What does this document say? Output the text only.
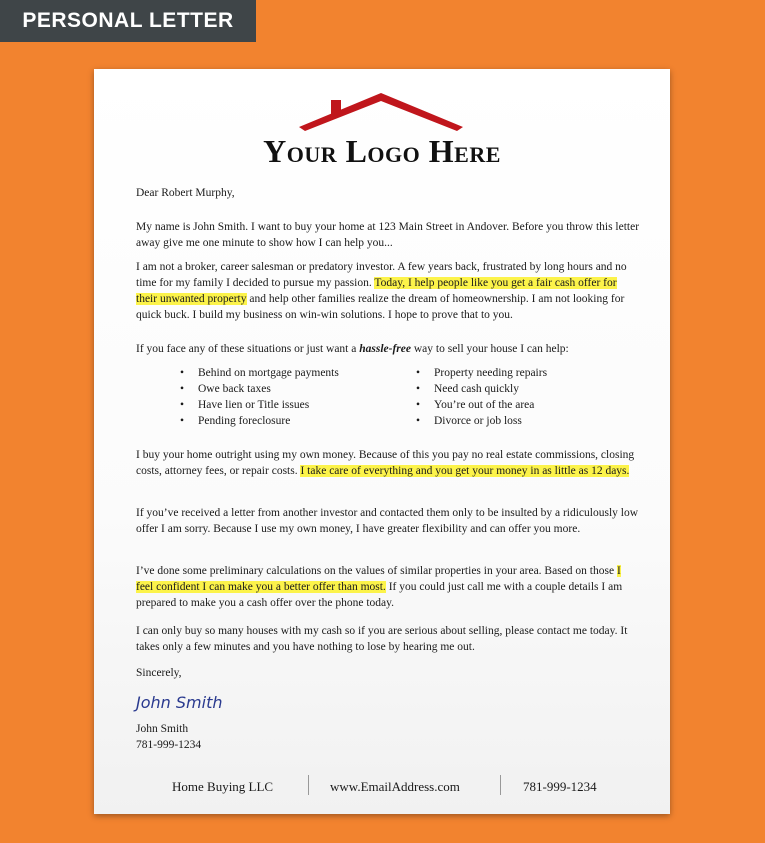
PERSONAL LETTER
Your Logo Here

Dear Robert Murphy,

My name is John Smith. I want to buy your home at 123 Main Street in Andover. Before you throw this letter away give me one minute to show how I can help you...

I am not a broker, career salesman or predatory investor. A few years back, frustrated by long hours and no time for my family I decided to pursue my passion. Today, I help people like you get a fair cash offer for their unwanted property and help other families realize the dream of homeownership. I am not looking for quick buck. I build my business on win-win solutions. I hope to prove that to you.

If you face any of these situations or just want a hassle-free way to sell your house I can help:

• Behind on mortgage payments
• Owe back taxes
• Have lien or Title issues
• Pending foreclosure
• Property needing repairs
• Need cash quickly
• You’re out of the area
• Divorce or job loss

I buy your home outright using my own money. Because of this you pay no real estate commissions, closing costs, attorney fees, or repair costs. I take care of everything and you get your money in as little as 12 days.

If you’ve received a letter from another investor and contacted them only to be insulted by a ridiculously low offer I am sorry. Because I use my own money, I have greater flexibility and can offer you more.

I’ve done some preliminary calculations on the values of similar properties in your area. Based on those I feel confident I can make you a better offer than most. If you could just call me with a couple details I am prepared to make you a cash offer over the phone today.

I can only buy so many houses with my cash so if you are serious about selling, please contact me today. It takes only a few minutes and you have nothing to lose by hearing me out.

Sincerely,

John Smith

John Smith

781-999-1234

Home Buying LLC	www.EmailAddress.com	781-999-1234
